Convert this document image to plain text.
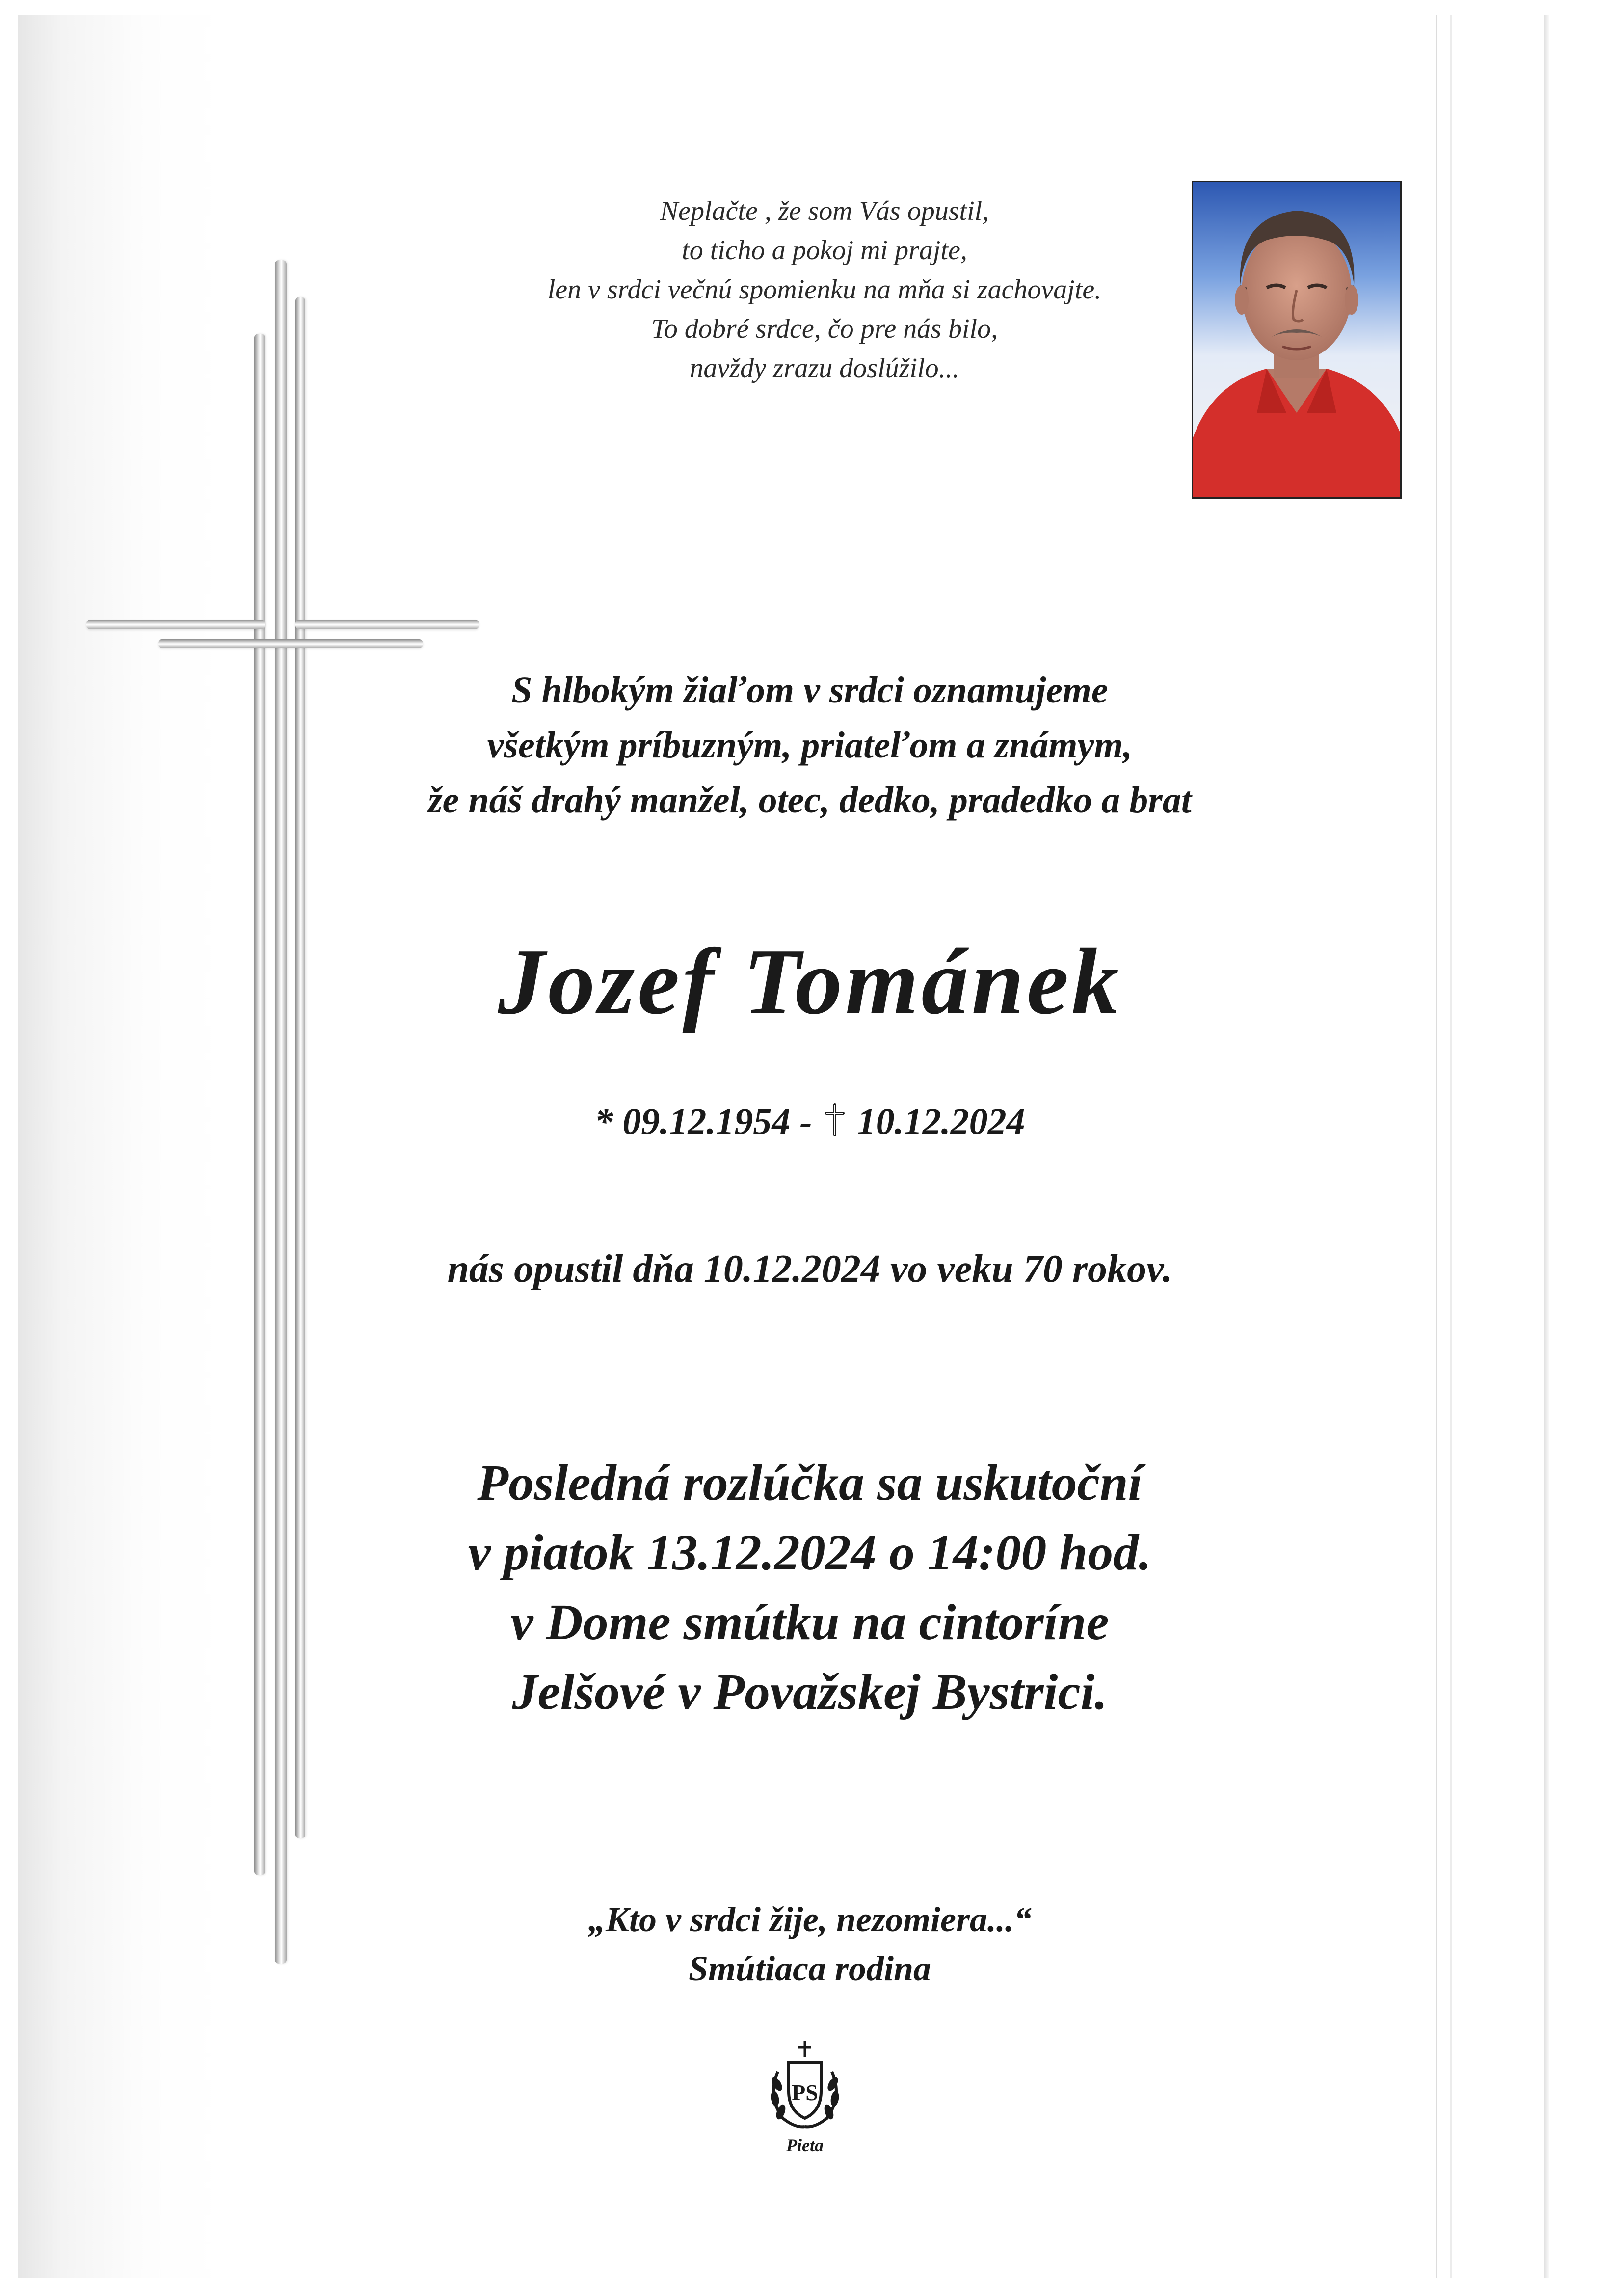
Neplačte , že som Vás opustil,
to ticho a pokoj mi prajte,
len v srdci večnú spomienku na mňa si zachovajte.
To dobré srdce, čo pre nás bilo,
navždy zrazu doslúžilo...
S hlbokým žiaľom v srdci oznamujeme
všetkým príbuzným, priateľom a známym,
že náš drahý manžel, otec, dedko, pradedko a brat
Jozef Tománek
* 09.12.1954 - 10.12.2024
nás opustil dňa 10.12.2024 vo veku 70 rokov.
Posledná rozlúčka sa uskutoční
v piatok 13.12.2024 o 14:00 hod.
v Dome smútku na cintoríne
Jelšové v Považskej Bystrici.
„Kto v srdci žije, nezomiera...“
Smútiaca rodina
PS
Pieta
